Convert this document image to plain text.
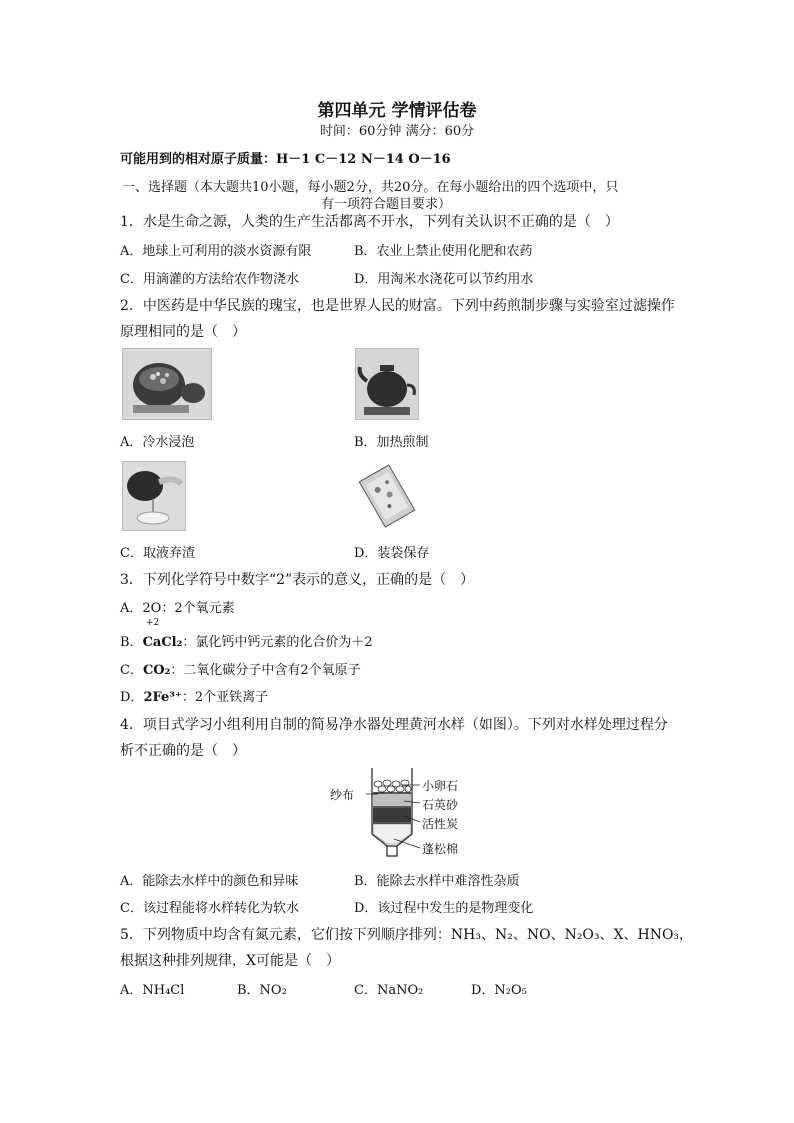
第四单元 学情评估卷
时间：60分钟 满分：60分
可能用到的相对原子质量：H－1 C－12 N－14 O－16
一、选择题（本大题共10小题，每小题2分，共20分。在每小题给出的四个选项中，只
有一项符合题目要求）
1．水是生命之源，人类的生产生活都离不开水，下列有关认识不正确的是（　）
A．地球上可利用的淡水资源有限	B．农业上禁止使用化肥和农药
C．用滴灌的方法给农作物浇水	D．用淘米水浇花可以节约用水
2．中医药是中华民族的瑰宝，也是世界人民的财富。下列中药煎制步骤与实验室过滤操作
原理相同的是（　）
A．冷水浸泡	B．加热煎制
C．取液弃渣	D．装袋保存
3．下列化学符号中数字“2”表示的意义，正确的是（　）
A．2O：2个氧元素
+2
B．CaCl₂：氯化钙中钙元素的化合价为＋2
C．CO₂：二氧化碳分子中含有2个氧原子
D．2Fe³⁺：2个亚铁离子
4．项目式学习小组利用自制的简易净水器处理黄河水样（如图）。下列对水样处理过程分
析不正确的是（　）
纱布
小卵石
石英砂
活性炭
蓬松棉
A．能除去水样中的颜色和异味	B．能除去水样中难溶性杂质
C．该过程能将水样转化为软水	D．该过程中发生的是物理变化
5．下列物质中均含有氮元素，它们按下列顺序排列：NH₃、N₂、NO、N₂O₃、X、HNO₃，
根据这种排列规律，X可能是（　）
A．NH₄Cl	B．NO₂	C．NaNO₂	D．N₂O₅
